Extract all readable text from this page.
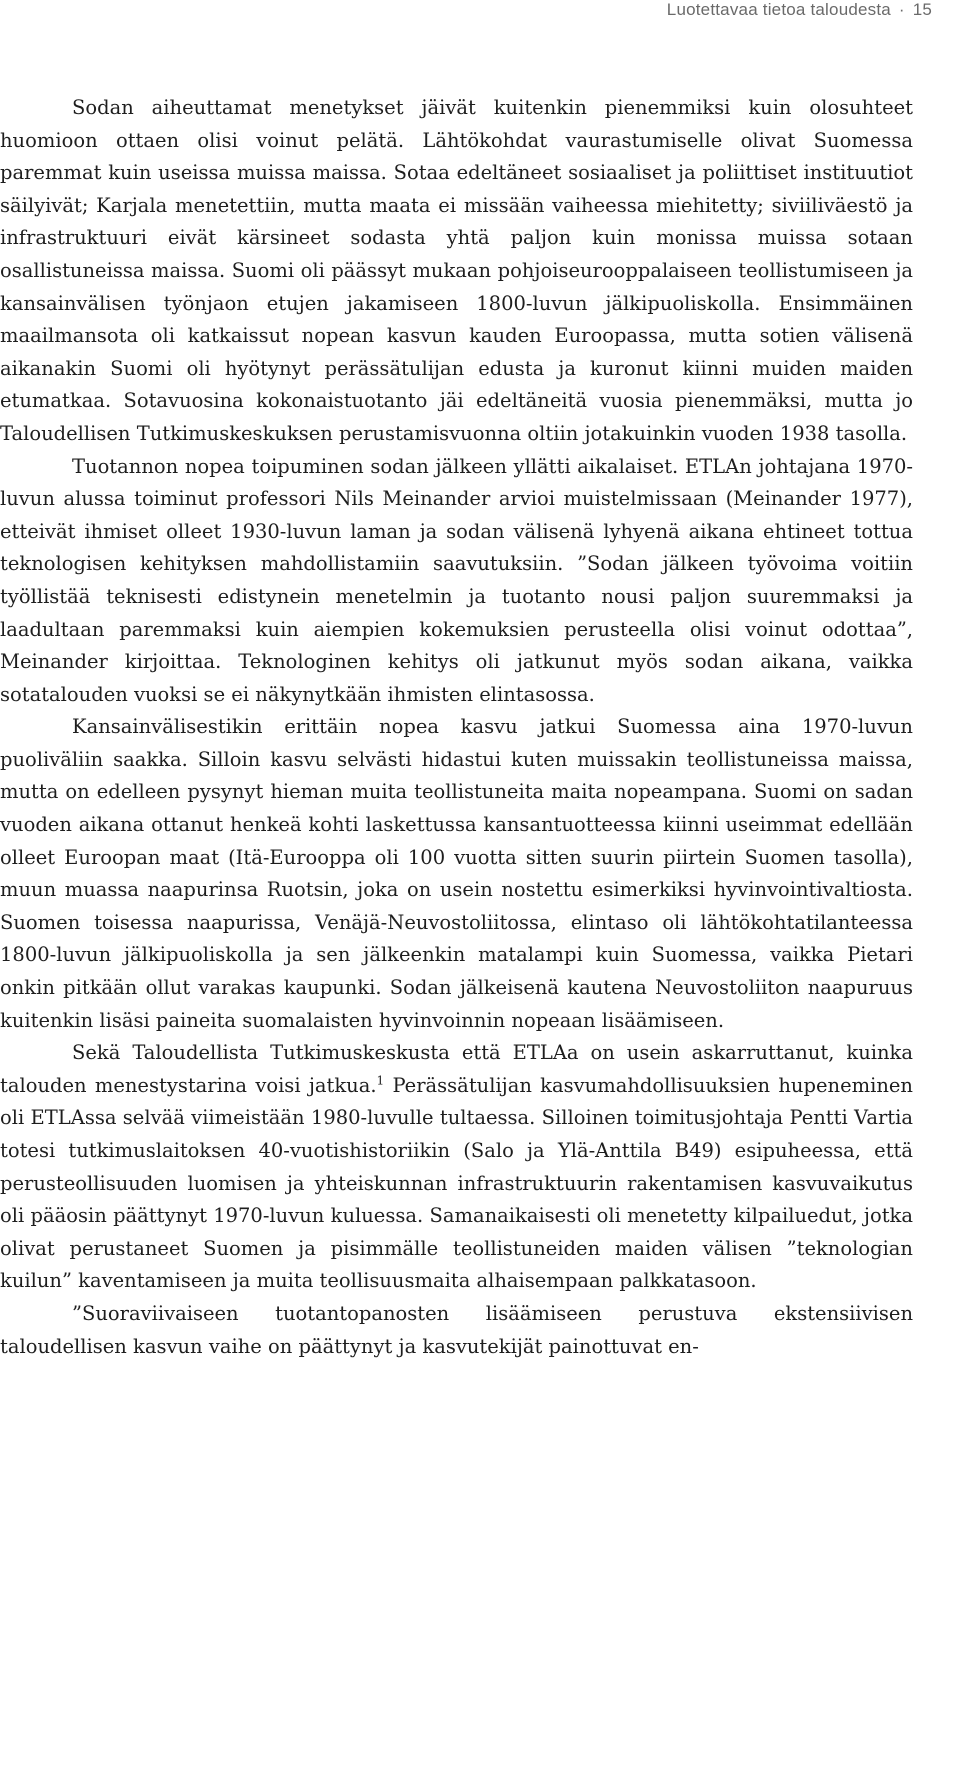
Luotettavaa tietoa taloudesta · 15

Sodan aiheuttamat menetykset jäivät kuitenkin pienemmiksi kuin olosuhteet huomioon ottaen olisi voinut pelätä. Lähtökohdat vaurastumiselle olivat Suomessa paremmat kuin useissa muissa maissa. Sotaa edeltäneet sosiaaliset ja poliittiset instituutiot säilyivät; Karjala menetettiin, mutta maata ei missään vaiheessa miehitetty; siviiliväestö ja infrastruktuuri eivät kärsineet sodasta yhtä paljon kuin monissa muissa sotaan osallistuneissa maissa. Suomi oli päässyt mukaan pohjoiseurooppalaiseen teollistumiseen ja kansainvälisen työnjaon etujen jakamiseen 1800-luvun jälkipuoliskolla. Ensimmäinen maailmansota oli katkaissut nopean kasvun kauden Euroopassa, mutta sotien välisenä aikanakin Suomi oli hyötynyt perässätulijan edusta ja kuronut kiinni muiden maiden etumatkaa. Sotavuosina kokonaistuotanto jäi edeltäneitä vuosia pienemmäksi, mutta jo Taloudellisen Tutkimuskeskuksen perustamisvuonna oltiin jotakuinkin vuoden 1938 tasolla.

Tuotannon nopea toipuminen sodan jälkeen yllätti aikalaiset. ETLAn johtajana 1970-luvun alussa toiminut professori Nils Meinander arvioi muistelmissaan (Meinander 1977), etteivät ihmiset olleet 1930-luvun laman ja sodan välisenä lyhyenä aikana ehtineet tottua teknologisen kehityksen mahdollistamiin saavutuksiin. ”Sodan jälkeen työvoima voitiin työllistää teknisesti edistynein menetelmin ja tuotanto nousi paljon suuremmaksi ja laadultaan paremmaksi kuin aiempien kokemuksien perusteella olisi voinut odottaa”, Meinander kirjoittaa. Teknologinen kehitys oli jatkunut myös sodan aikana, vaikka sotatalouden vuoksi se ei näkynytkään ihmisten elintasossa.

Kansainvälisestikin erittäin nopea kasvu jatkui Suomessa aina 1970-luvun puoliväliin saakka. Silloin kasvu selvästi hidastui kuten muissakin teollistuneissa maissa, mutta on edelleen pysynyt hieman muita teollistuneita maita nopeampana. Suomi on sadan vuoden aikana ottanut henkeä kohti laskettussa kansantuotteessa kiinni useimmat edellään olleet Euroopan maat (Itä-Eurooppa oli 100 vuotta sitten suurin piirtein Suomen tasolla), muun muassa naapurinsa Ruotsin, joka on usein nostettu esimerkiksi hyvinvointivaltiosta. Suomen toisessa naapurissa, Venäjä-Neuvostoliitossa, elintaso oli lähtökohtatilanteessa 1800-luvun jälkipuoliskolla ja sen jälkeenkin matalampi kuin Suomessa, vaikka Pietari onkin pitkään ollut varakas kaupunki. Sodan jälkeisenä kautena Neuvostoliiton naapuruus kuitenkin lisäsi paineita suomalaisten hyvinvoinnin nopeaan lisäämiseen.

Sekä Taloudellista Tutkimuskeskusta että ETLAa on usein askarruttanut, kuinka talouden menestystarina voisi jatkua.$^1$ Perässätulijan kasvumahdollisuuksien hupeneminen oli ETLAssa selvää viimeistään 1980-luvulle tultaessa. Silloinen toimitusjohtaja Pentti Vartia totesi tutkimuslaitoksen 40-vuotishistoriikin (Salo ja Ylä-Anttila B49) esipuheessa, että perusteollisuuden luomisen ja yhteiskunnan infrastruktuurin rakentamisen kasvuvaikutus oli pääosin päättynyt 1970-luvun kuluessa. Samanaikaisesti oli menetetty kilpailuedut, jotka olivat perustaneet Suomen ja pisimmälle teollistuneiden maiden välisen ”teknologian kuilun” kaventamiseen ja muita teollisuusmaita alhaisempaan palkkatasoon.

”Suoraviivaiseen tuotantopanosten lisäämiseen perustuva ekstensiivisen taloudellisen kasvun vaihe on päättynyt ja kasvutekijät painottuvat en-
